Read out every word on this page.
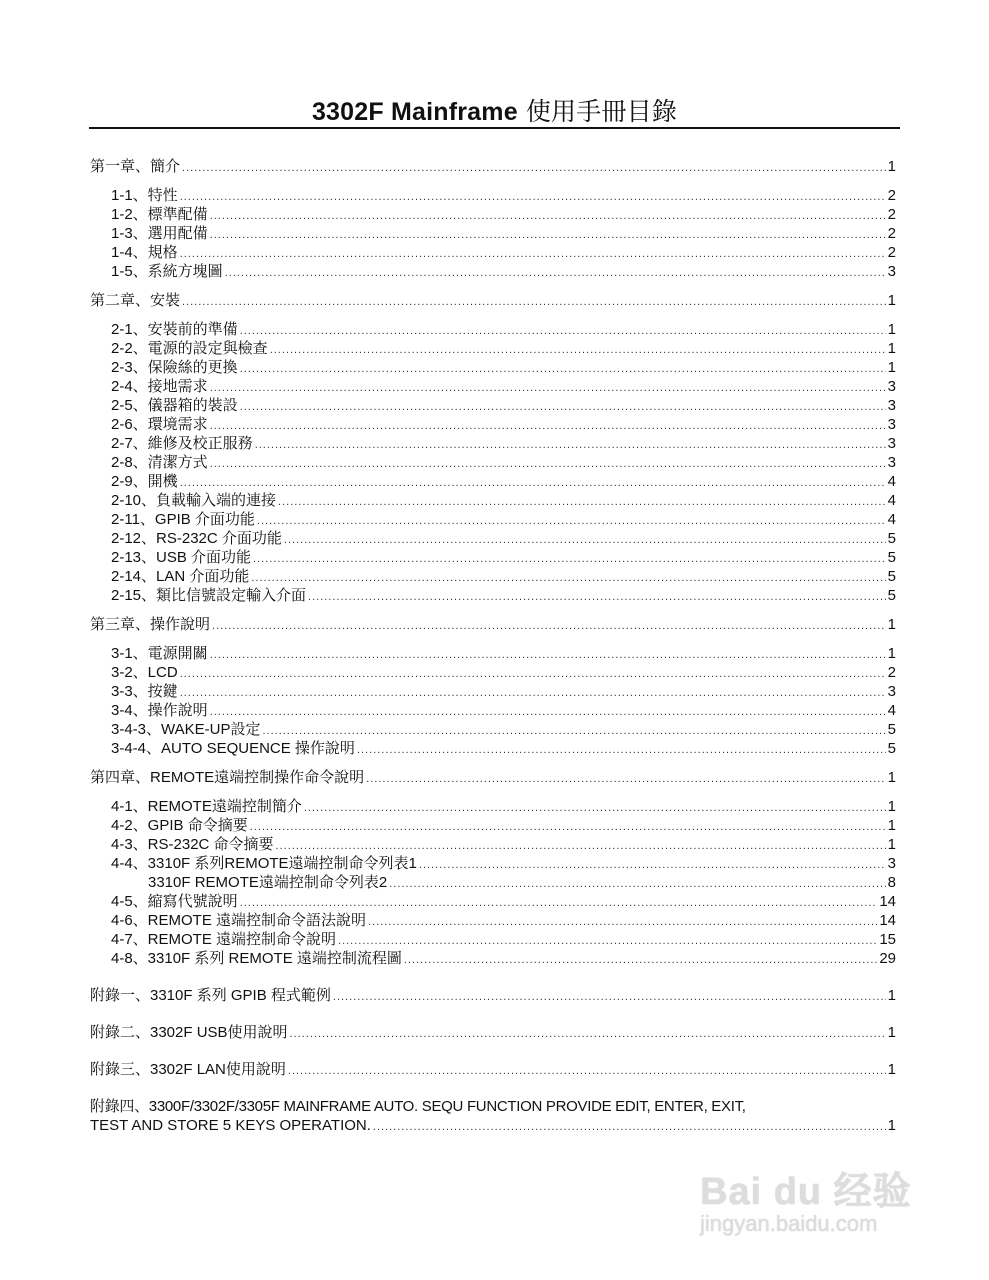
3302F Mainframe 使用手冊目錄
第一章、簡介 .....	1
1-1、特性 .....	2
1-2、標準配備 .....	2
1-3、選用配備 .....	2
1-4、規格 .....	2
1-5、系統方塊圖 .....	3
第二章、安裝 .....	1
2-1、安裝前的準備 .....	1
2-2、電源的設定與檢查 .....	1
2-3、保險絲的更換 .....	1
2-4、接地需求 .....	3
2-5、儀器箱的裝設 .....	3
2-6、環境需求 .....	3
2-7、維修及校正服務 .....	3
2-8、清潔方式 .....	3
2-9、開機 .....	4
2-10、負載輸入端的連接 .....	4
2-11、GPIB 介面功能 .....	4
2-12、RS-232C 介面功能 .....	5
2-13、USB 介面功能 .....	5
2-14、LAN 介面功能 .....	5
2-15、類比信號設定輸入介面 .....	5
第三章、操作說明 .....	1
3-1、電源開關 .....	1
3-2、LCD .....	2
3-3、按鍵 .....	3
3-4、操作說明 .....	4
3-4-3、WAKE-UP設定 .....	5
3-4-4、AUTO SEQUENCE 操作說明 .....	5
第四章、REMOTE遠端控制操作命令說明 .....	1
4-1、REMOTE遠端控制簡介 .....	1
4-2、GPIB 命令摘要 .....	1
4-3、RS-232C 命令摘要 .....	1
4-4、3310F 系列REMOTE遠端控制命令列表1 .....	3
3310F REMOTE遠端控制命令列表2 .....	8
4-5、縮寫代號說明 .....	14
4-6、REMOTE 遠端控制命令語法說明 .....	14
4-7、REMOTE 遠端控制命令說明 .....	15
4-8、3310F 系列 REMOTE 遠端控制流程圖 .....	29
附錄一、3310F 系列 GPIB 程式範例 .....	1
附錄二、3302F USB使用說明 .....	1
附錄三、3302F LAN使用說明 .....	1
附錄四、3300F/3302F/3305F MAINFRAME AUTO. SEQU FUNCTION PROVIDE EDIT, ENTER, EXIT,
TEST AND STORE 5 KEYS OPERATION. .....	1
Bai du 经验
jingyan.baidu.com
